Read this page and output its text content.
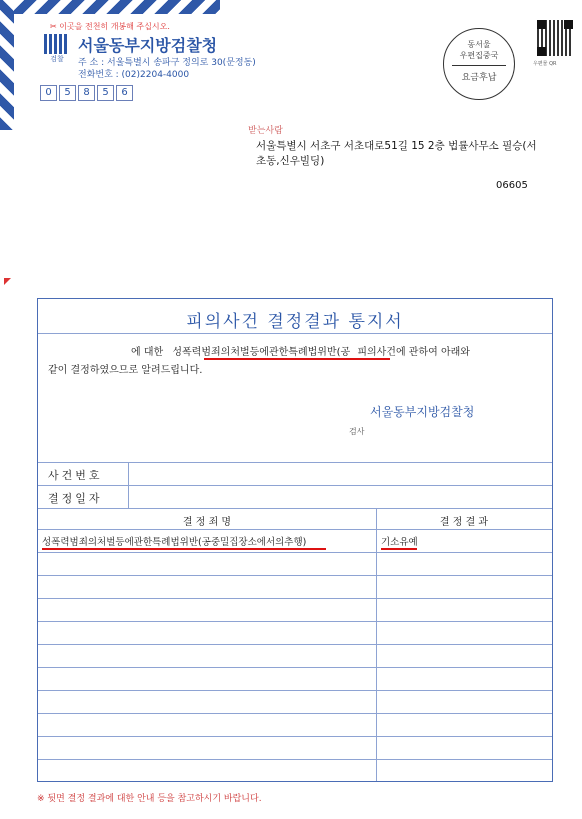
✂ 이곳을 전천히 개봉해 주십시오.
검찰
서울동부지방검찰청
주 소 : 서울특별시 송파구 정의로 30(문정동)
전화번호 : (02)2204-4000
0 5 8 5 6
동서울
우편집중국
요금후납
우편물 QR
받는사람
서울특별시 서초구 서초대로51길 15 2층 법률사무소 필승(서
초동,신우빌딩)
06605
피의사건 결정결과 통지서
에 대한 성폭력범죄의처벌등에관한특례법위반(공 피의사건에 관하여 아래와
같이 결정하였으므로 알려드립니다.
서울동부지방검찰청
검사
사건번호
결정일자
결 정 죄 명	결 정 결 과
성폭력범죄의처벌등에관한특례법위반(공중밀집장소에서의추행)	기소유예
※ 뒷면 결정 결과에 대한 안내 등을 참고하시기 바랍니다.
